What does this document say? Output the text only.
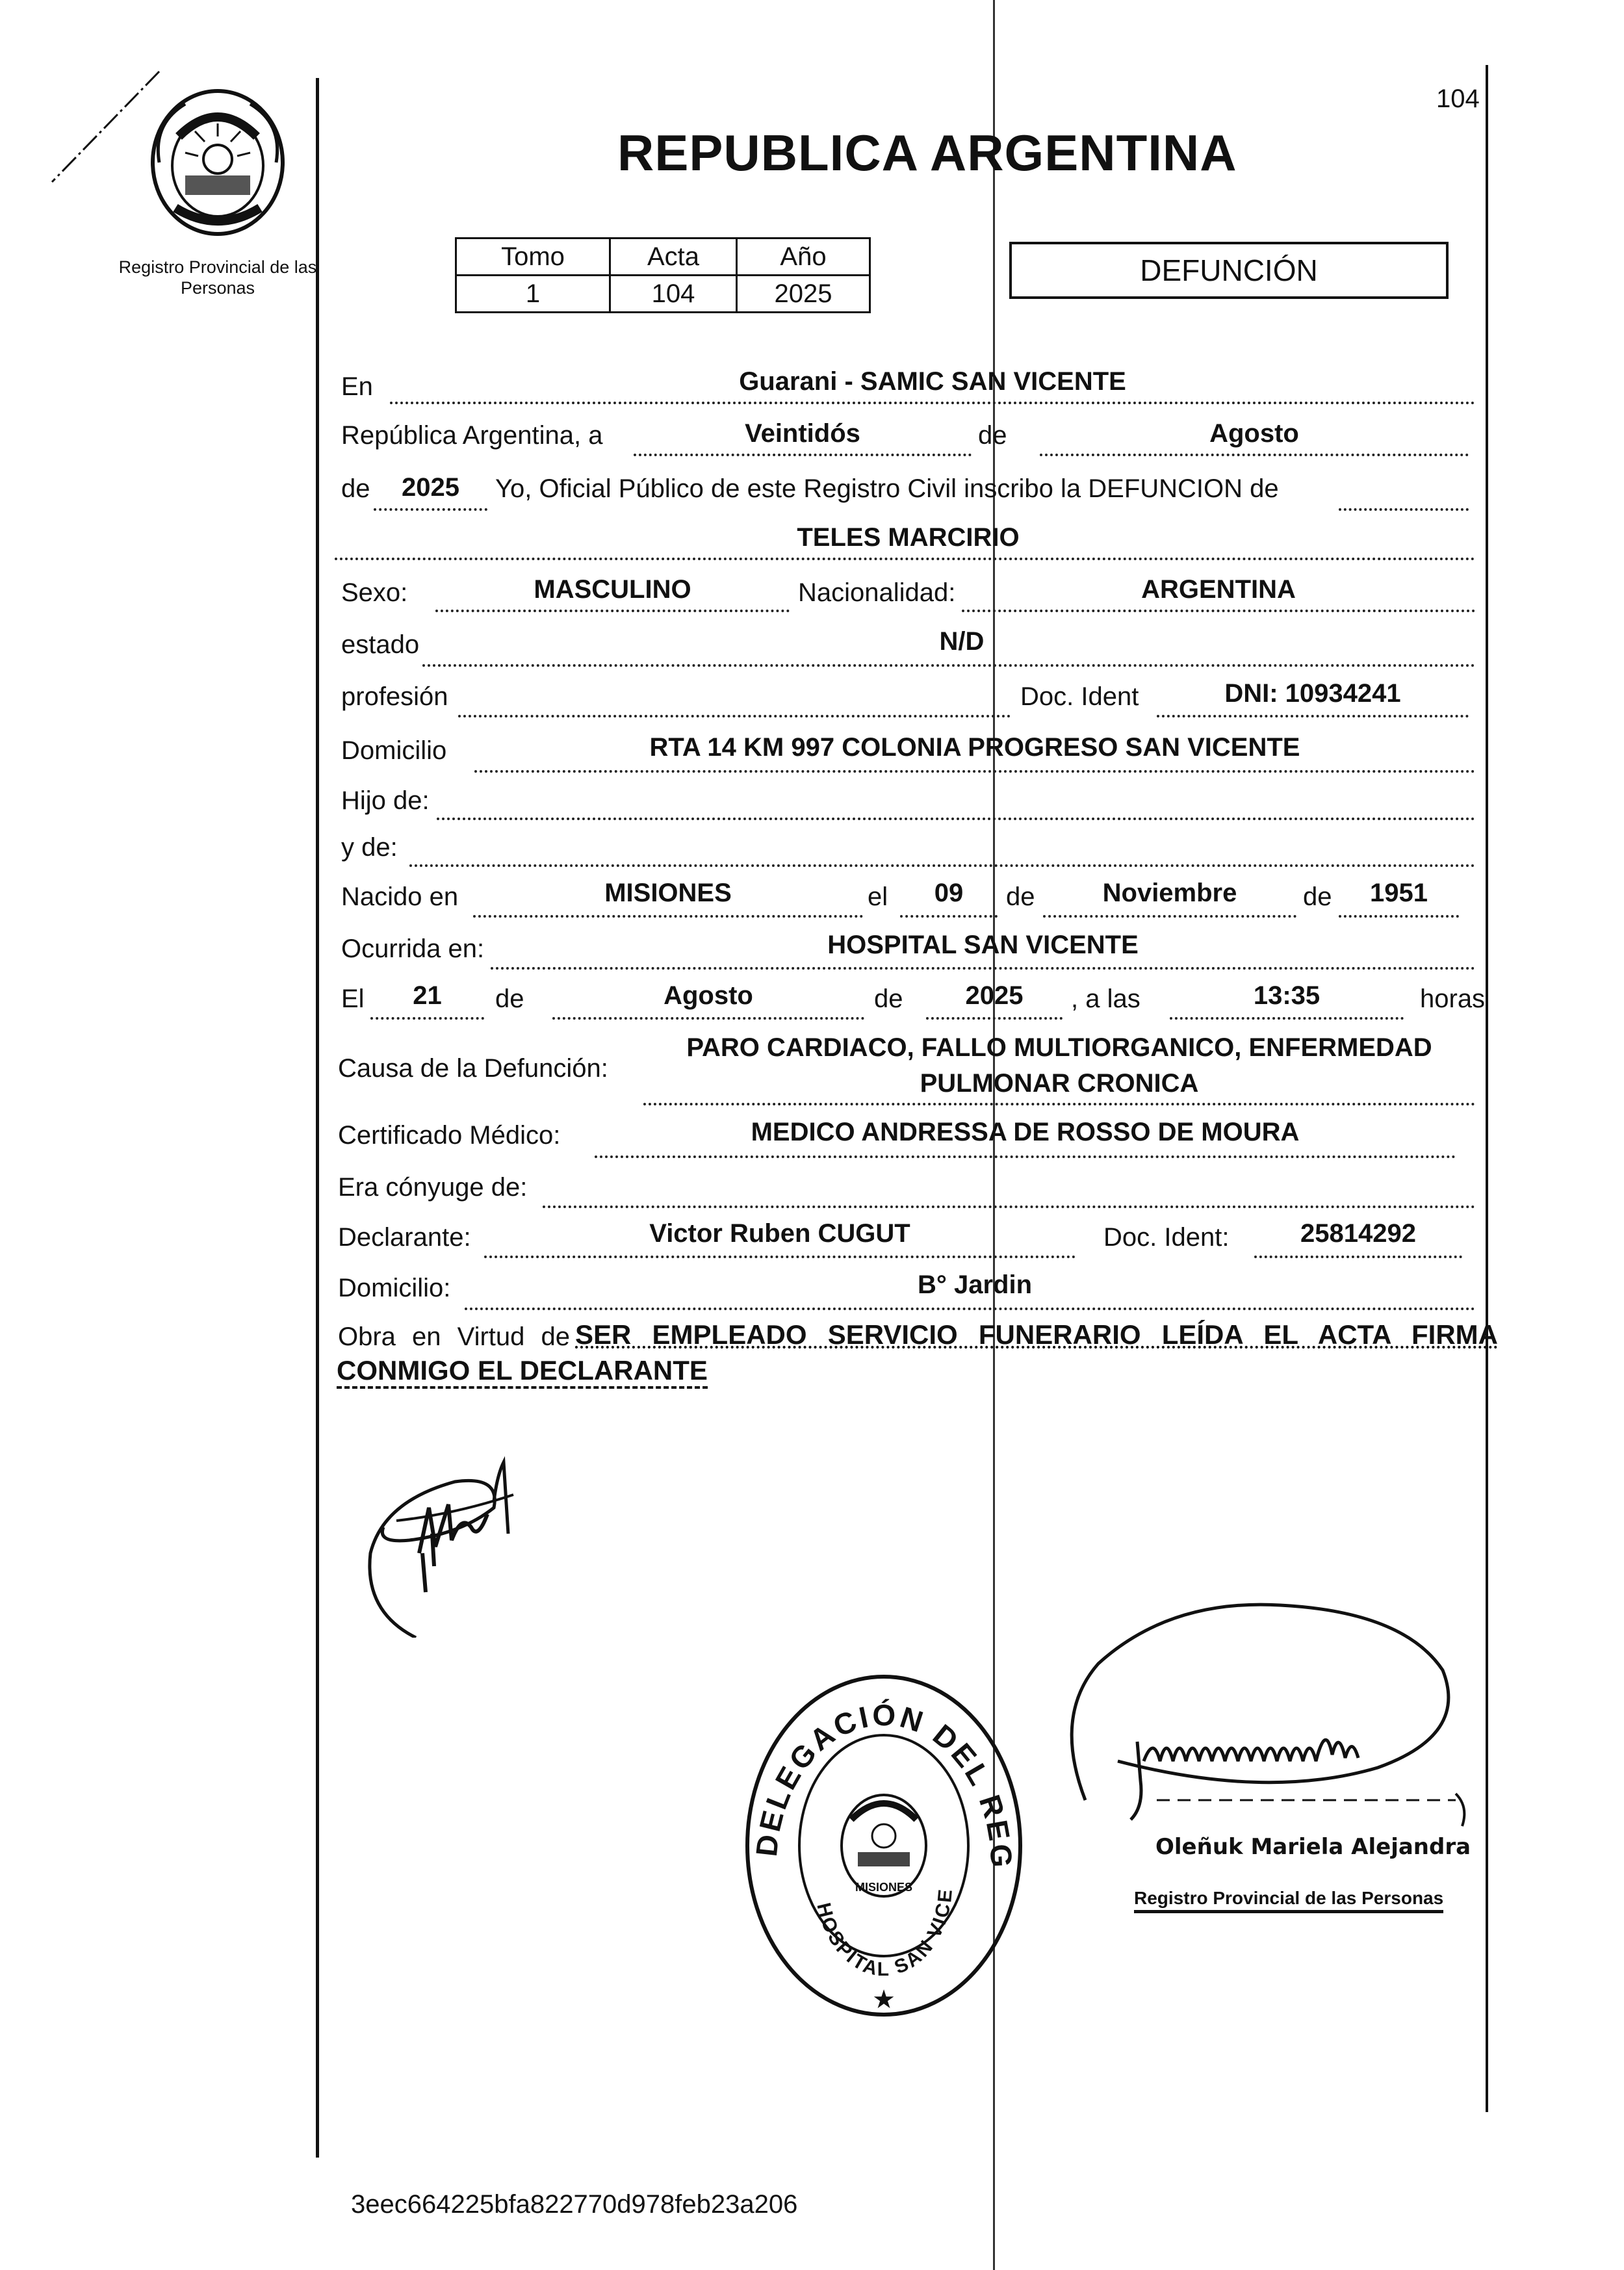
104
Registro Provincial de las Personas
REPUBLICA ARGENTINA
Tomo	Acta	Año
1	104	2025
DEFUNCIÓN
En	Guarani - SAMIC SAN VICENTE
República Argentina, a	Veintidós	de	Agosto
de	2025	Yo, Oficial Público de este Registro Civil inscribo la DEFUNCION de
TELES MARCIRIO
Sexo:	MASCULINO	Nacionalidad:	ARGENTINA
estado	N/D
profesión	Doc. Ident	DNI: 10934241
Domicilio	RTA 14 KM 997 COLONIA PROGRESO SAN VICENTE
Hijo de:
y de:
Nacido en	MISIONES	el	09	de	Noviembre	de	1951
Ocurrida en:	HOSPITAL SAN VICENTE
El	21	de	Agosto	de	2025	, a las	13:35	horas
Causa de la Defunción:
PARO CARDIACO, FALLO MULTIORGANICO, ENFERMEDAD
PULMONAR CRONICA
Certificado Médico:	MEDICO ANDRESSA DE ROSSO DE MOURA
Era cónyuge de:
Declarante:	Victor Ruben CUGUT	Doc. Ident:	25814292
Domicilio:	B° Jardin
Obra en Virtud de SER EMPLEADO SERVICIO FUNERARIO LEÍDA EL ACTA FIRMA
CONMIGO EL DECLARANTE
DELEGACIÓN DEL REG
HOSPITAL SAN VICE
MISIONES
★
Oleñuk Mariela Alejandra
Registro Provincial de las Personas
3eec664225bfa822770d978feb23a206
